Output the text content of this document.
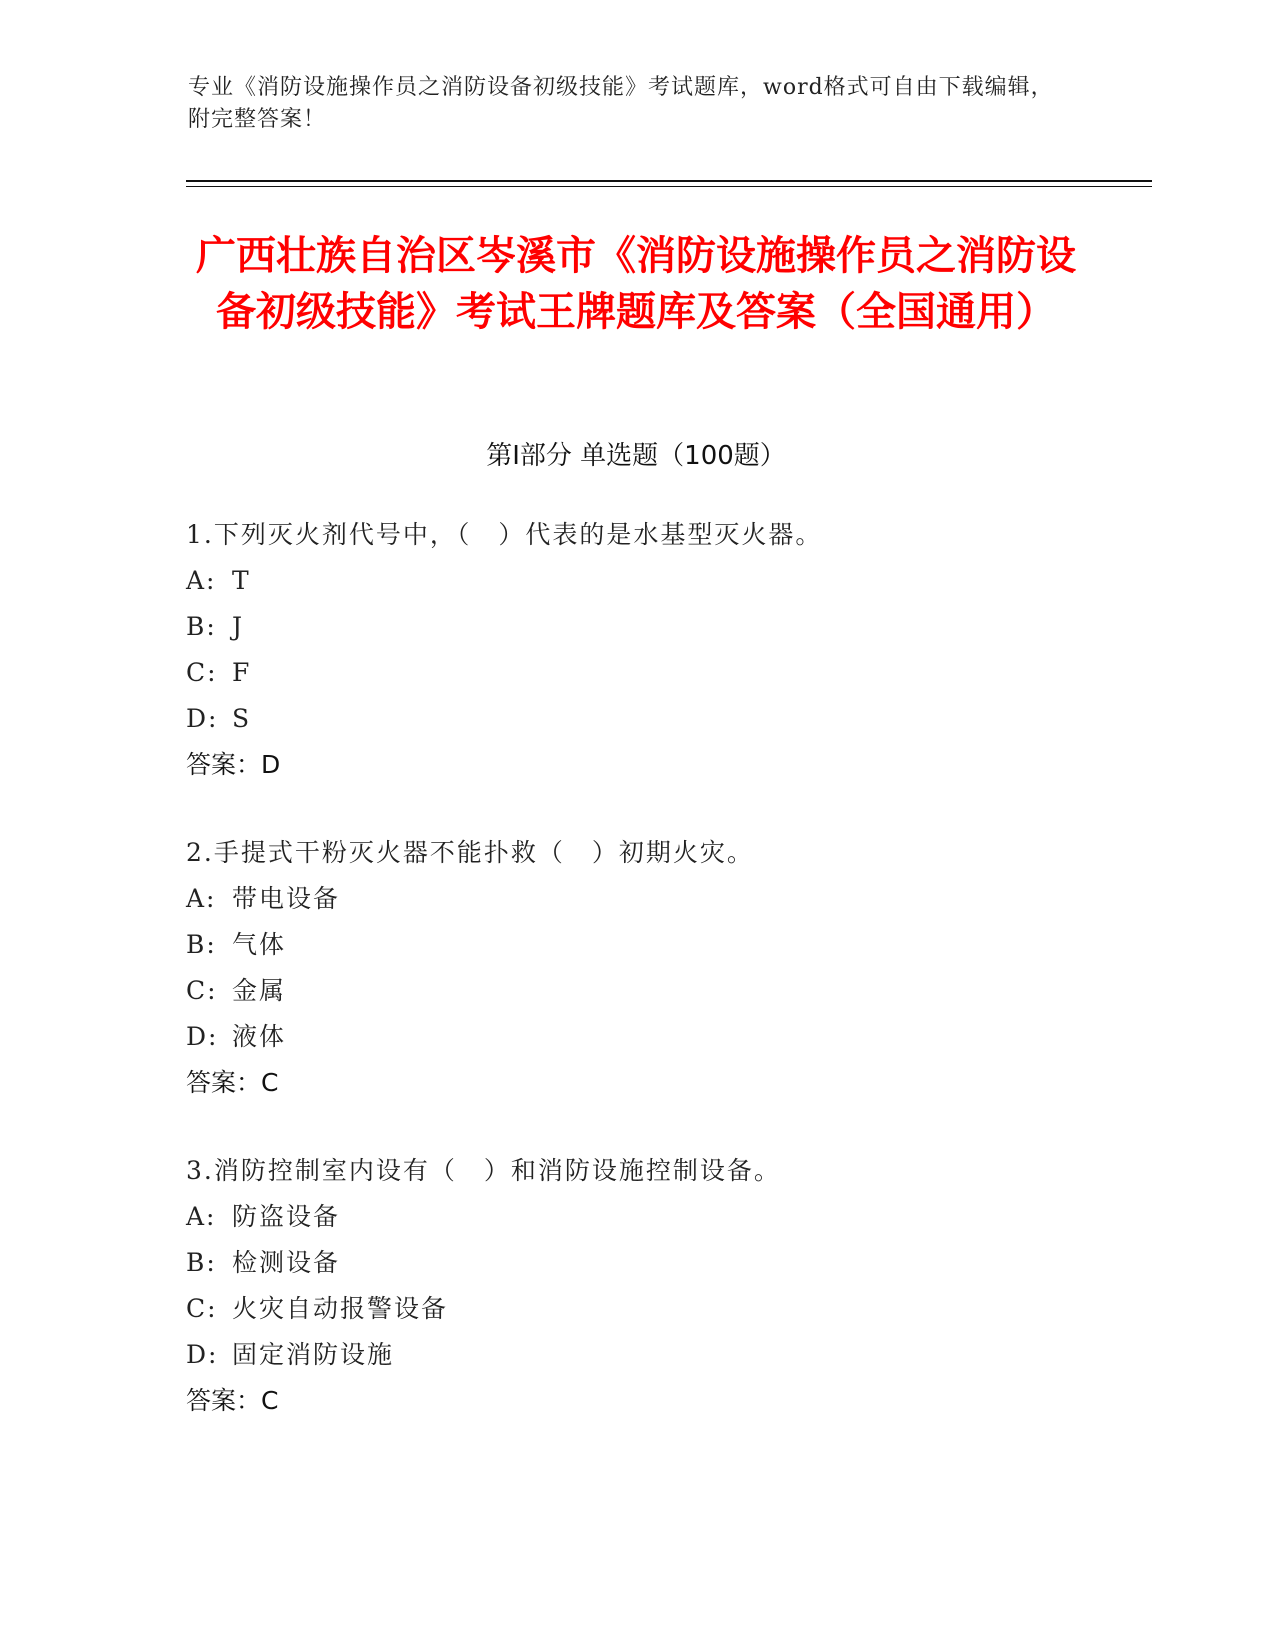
专业《消防设施操作员之消防设备初级技能》考试题库，word格式可自由下载编辑，附完整答案！
广西壮族自治区岑溪市《消防设施操作员之消防设备初级技能》考试王牌题库及答案（全国通用）
第Ⅰ部分 单选题（100题）
1.下列灭火剂代号中，（　）代表的是水基型灭火器。
A: T
B: J
C: F
D: S
答案：D
2.手提式干粉灭火器不能扑救（　）初期火灾。
A: 带电设备
B: 气体
C: 金属
D: 液体
答案：C
3.消防控制室内设有（　）和消防设施控制设备。
A: 防盗设备
B: 检测设备
C: 火灾自动报警设备
D: 固定消防设施
答案：C
